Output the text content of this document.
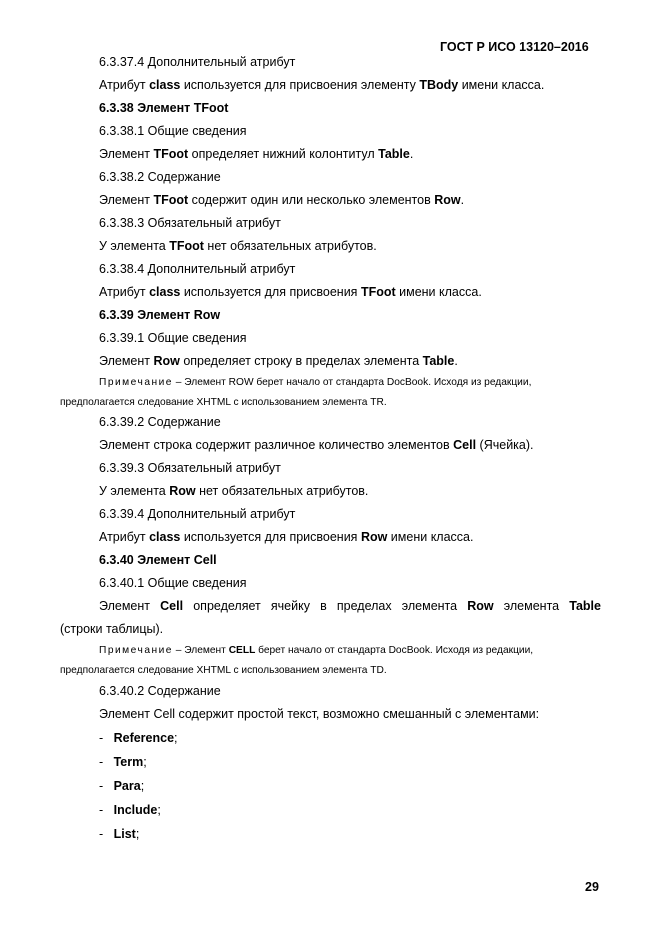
ГОСТ Р ИСО 13120–2016
6.3.37.4 Дополнительный атрибут
Атрибут class используется для присвоения элементу TBody имени класса.
6.3.38 Элемент TFoot
6.3.38.1 Общие сведения
Элемент TFoot определяет нижний колонтитул Table.
6.3.38.2 Содержание
Элемент TFoot содержит один или несколько элементов Row.
6.3.38.3 Обязательный атрибут
У элемента TFoot нет обязательных атрибутов.
6.3.38.4 Дополнительный атрибут
Атрибут class используется для присвоения TFoot имени класса.
6.3.39 Элемент Row
6.3.39.1 Общие сведения
Элемент Row определяет строку в пределах элемента Table.
Примечание – Элемент ROW берет начало от стандарта DocBook. Исходя из редакции,
предполагается следование XHTML с использованием элемента TR.
6.3.39.2 Содержание
Элемент строка содержит различное количество элементов Cell (Ячейка).
6.3.39.3 Обязательный атрибут
У элемента Row нет обязательных атрибутов.
6.3.39.4 Дополнительный атрибут
Атрибут class используется для присвоения Row имени класса.
6.3.40 Элемент Cell
6.3.40.1 Общие сведения
Элемент Cell определяет ячейку в пределах элемента Row элемента Table
(строки таблицы).
Примечание – Элемент CELL берет начало от стандарта DocBook. Исходя из редакции,
предполагается следование XHTML с использованием элемента TD.
6.3.40.2 Содержание
Элемент Cell содержит простой текст, возможно смешанный с элементами:
- Reference;
- Term;
- Para;
- Include;
- List;
29
